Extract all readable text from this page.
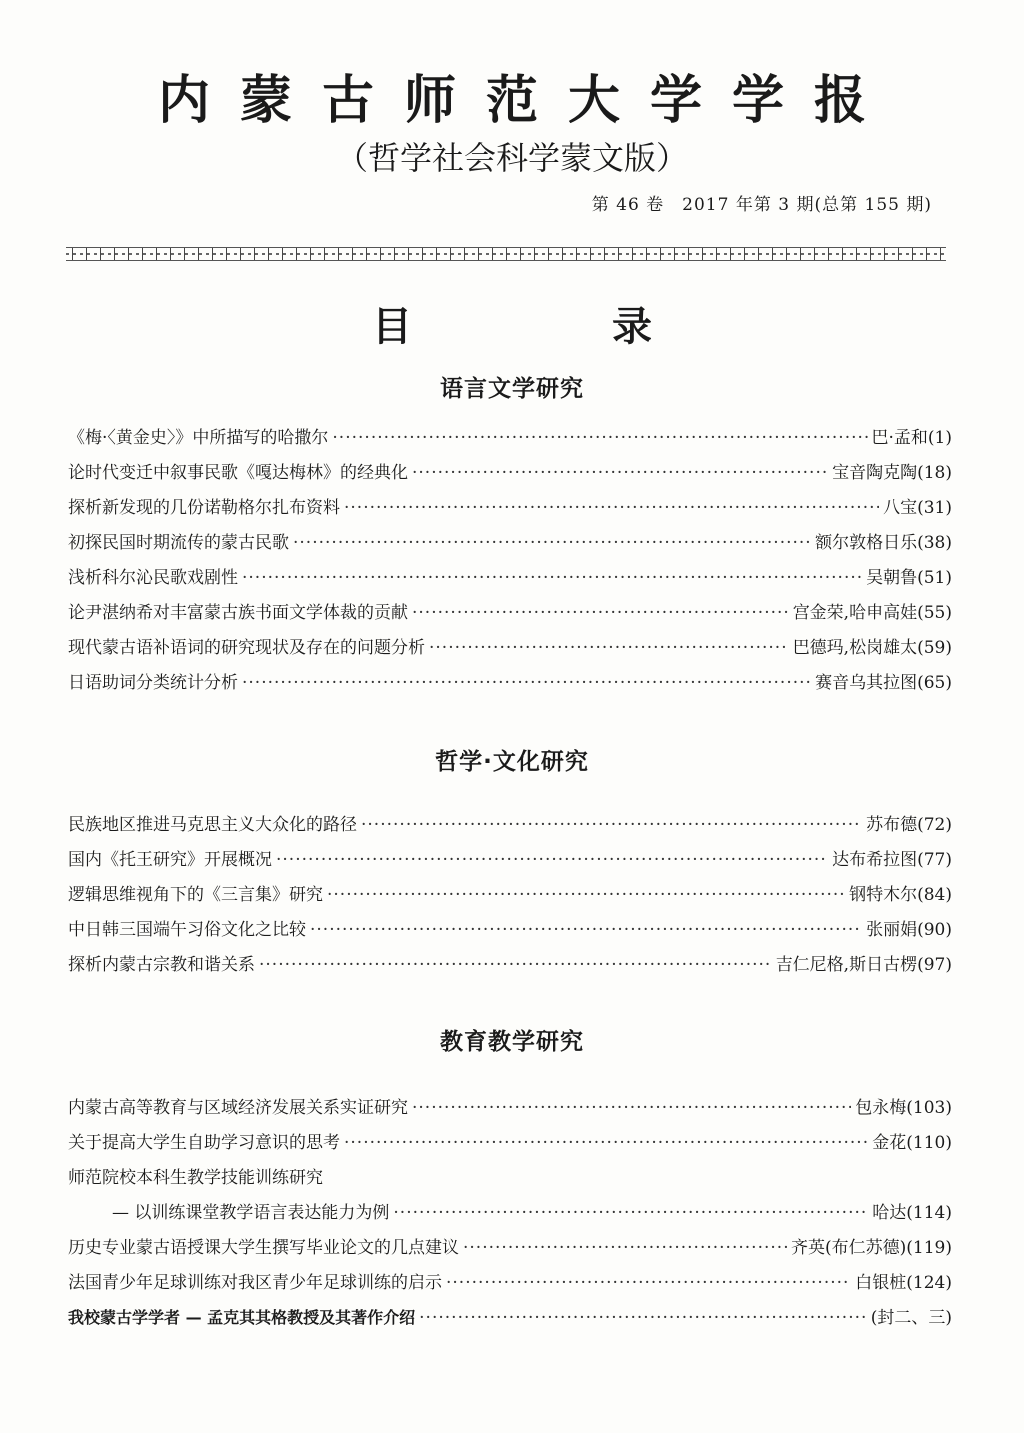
内蒙古师范大学学报
（哲学社会科学蒙文版）
第 46 卷　2017 年第 3 期(总第 155 期)
目　录
语言文学研究
《梅·〈黄金史〉》中所描写的哈撒尔 ·····	巴·孟和(1)
论时代变迁中叙事民歌《嘎达梅林》的经典化 ·····	宝音陶克陶(18)
探析新发现的几份诺勒格尔扎布资料 ·····	八宝(31)
初探民国时期流传的蒙古民歌 ·····	额尔敦格日乐(38)
浅析科尔沁民歌戏剧性 ·····	吴朝鲁(51)
论尹湛纳希对丰富蒙古族书面文学体裁的贡献 ·····	宫金荣,哈申高娃(55)
现代蒙古语补语词的研究现状及存在的问题分析 ·····	巴德玛,松岗雄太(59)
日语助词分类统计分析 ·····	赛音乌其拉图(65)
哲学·文化研究
民族地区推进马克思主义大众化的路径 ·····	苏布德(72)
国内《托王研究》开展概况 ·····	达布希拉图(77)
逻辑思维视角下的《三言集》研究 ·····	钢特木尔(84)
中日韩三国端午习俗文化之比较 ·····	张丽娟(90)
探析内蒙古宗教和谐关系 ·····	吉仁尼格,斯日古楞(97)
教育教学研究
内蒙古高等教育与区域经济发展关系实证研究 ·····	包永梅(103)
关于提高大学生自助学习意识的思考 ·····	金花(110)
师范院校本科生教学技能训练研究
— 以训练课堂教学语言表达能力为例 ·····	哈达(114)
历史专业蒙古语授课大学生撰写毕业论文的几点建议 ·····	齐英(布仁苏德)(119)
法国青少年足球训练对我区青少年足球训练的启示 ·····	白银桩(124)
我校蒙古学学者 — 孟克其其格教授及其著作介绍 ·····	(封二、三)
